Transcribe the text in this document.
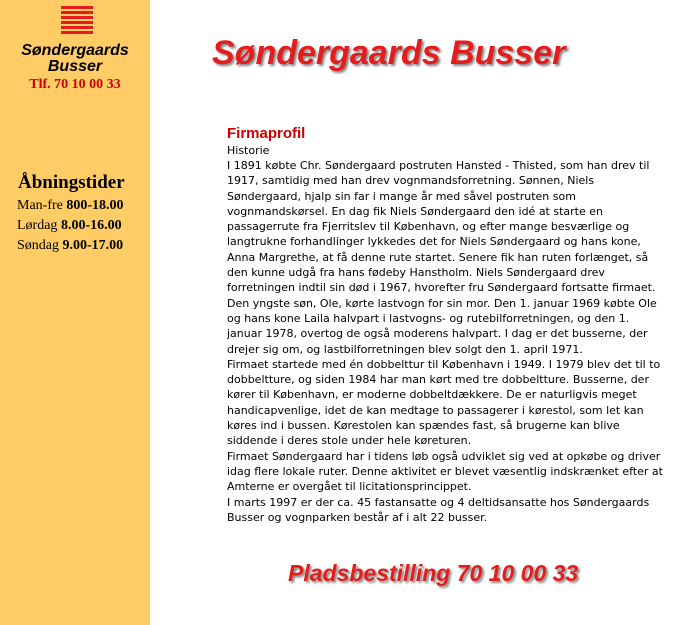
Søndergaards
Busser
Tlf. 70 10 00 33
Åbningstider
Man-fre 800-18.00
Lørdag 8.00-16.00
Søndag 9.00-17.00
Søndergaards Busser
Firmaprofil
Historie

I 1891 købte Chr. Søndergaard postruten Hansted - Thisted, som han drev til 1917, samtidig med han drev vognmandsforretning. Sønnen, Niels Søndergaard, hjalp sin far i mange år med såvel postruten som vognmandskørsel. En dag fik Niels Søndergaard den idé at starte en passagerrute fra Fjerritslev til København, og efter mange besværlige og langtrukne forhandlinger lykkedes det for Niels Søndergaard og hans kone, Anna Margrethe, at få denne rute startet. Senere fik han ruten forlænget, så den kunne udgå fra hans fødeby Hanstholm. Niels Søndergaard drev forretningen indtil sin død i 1967, hvorefter fru Søndergaard fortsatte firmaet. Den yngste søn, Ole, kørte lastvogn for sin mor. Den 1. januar 1969 købte Ole og hans kone Laila halvpart i lastvogns- og rutebilforretningen, og den 1. januar 1978, overtog de også moderens halvpart. I dag er det busserne, der drejer sig om, og lastbilforretningen blev solgt den 1. april 1971.

Firmaet startede med én dobbelttur til København i 1949. I 1979 blev det til to dobbeltture, og siden 1984 har man kørt med tre dobbeltture. Busserne, der kører til København, er moderne dobbeltdækkere. De er naturligvis meget handicapvenlige, idet de kan medtage to passagerer i kørestol, som let kan køres ind i bussen. Kørestolen kan spændes fast, så brugerne kan blive siddende i deres stole under hele køreturen.

Firmaet Søndergaard har i tidens løb også udviklet sig ved at opkøbe og driver idag flere lokale ruter. Denne aktivitet er blevet væsentlig indskrænket efter at Amterne er overgået til licitationsprincippet.

I marts 1997 er der ca. 45 fastansatte og 4 deltidsansatte hos Søndergaards Busser og vognparken består af i alt 22 busser.

Pladsbestilling 70 10 00 33
